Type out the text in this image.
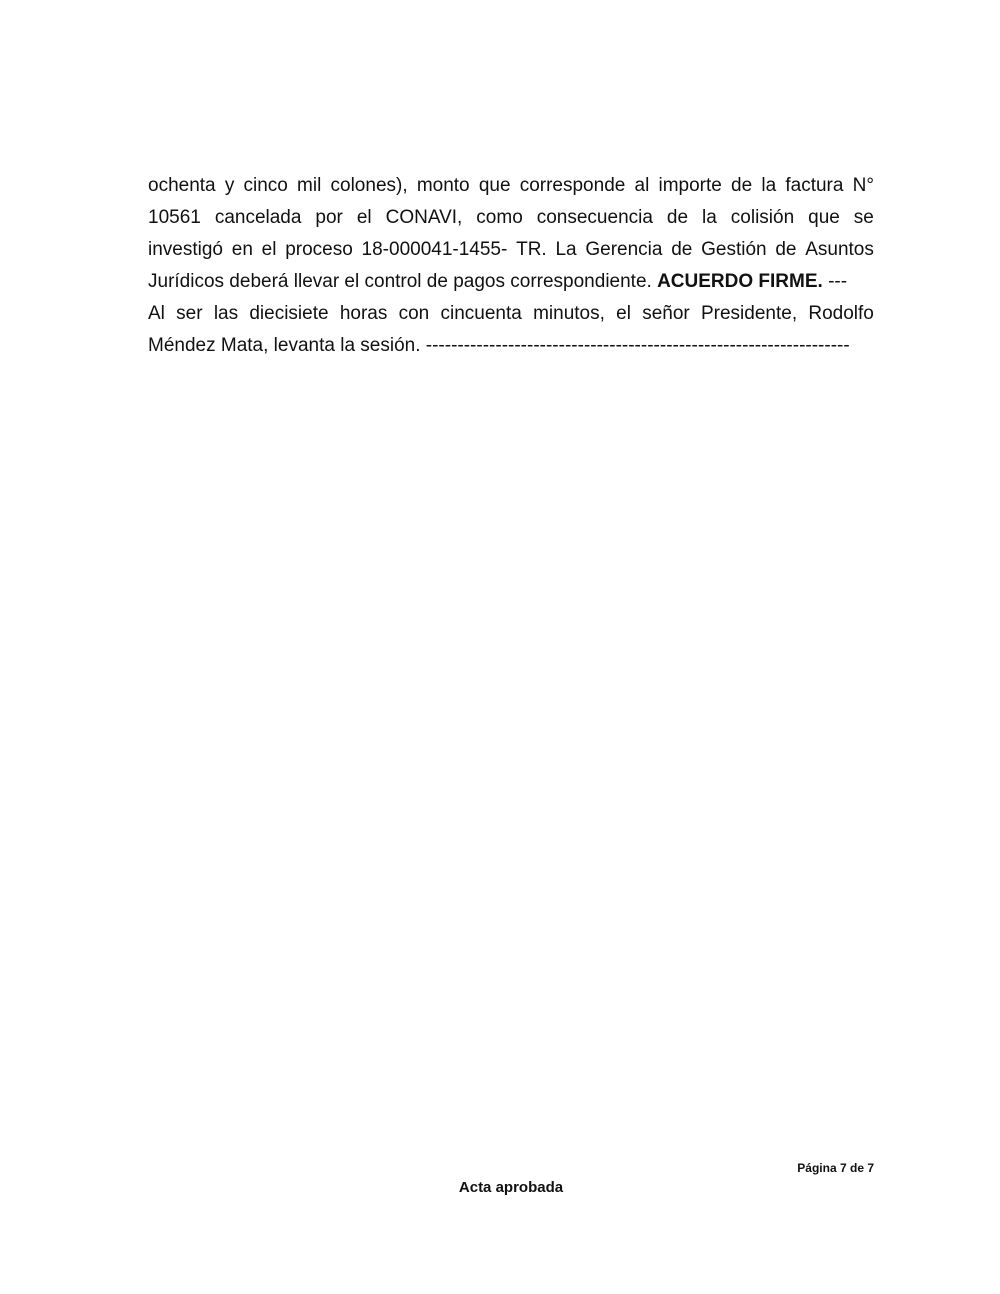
ochenta y cinco mil colones), monto que corresponde al importe de la factura N°
10561 cancelada por el CONAVI, como consecuencia de la colisión que se
investigó en el proceso 18-000041-1455- TR. La Gerencia de Gestión de Asuntos
Jurídicos deberá llevar el control de pagos correspondiente. ACUERDO FIRME. ---
Al ser las diecisiete horas con cincuenta minutos, el señor Presidente, Rodolfo
Méndez Mata, levanta la sesión. -------------------------------------------------------------------
Página 7 de 7
Acta aprobada
